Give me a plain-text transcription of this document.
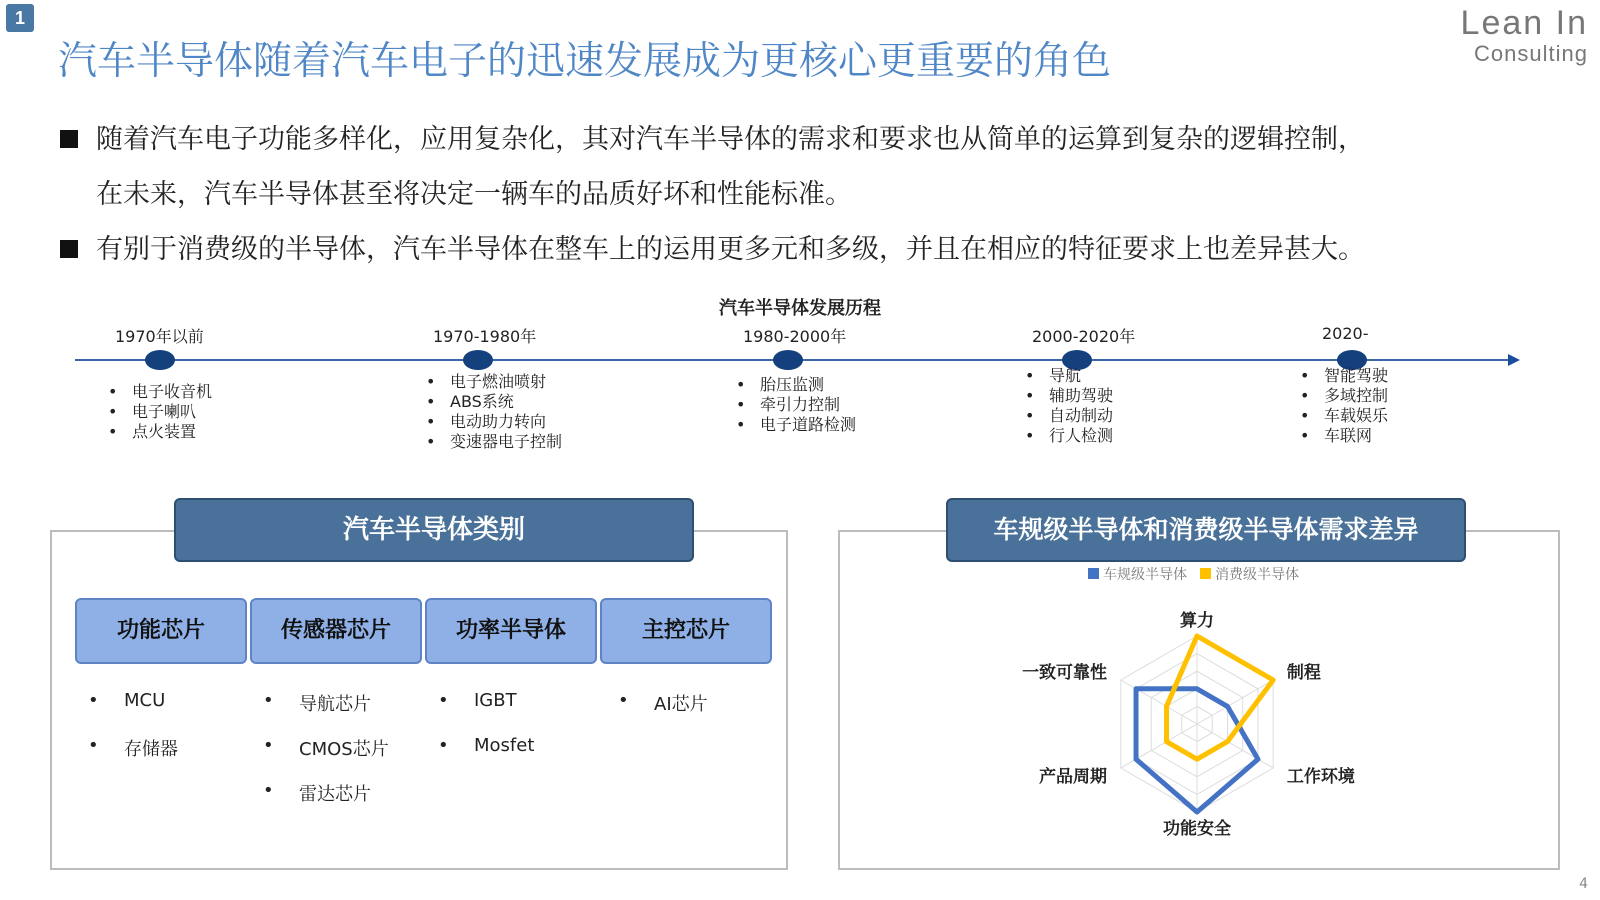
1
汽车半导体随着汽车电子的迅速发展成为更核心更重要的角色
Lean In
Consulting
随着汽车电子功能多样化，应用复杂化，其对汽车半导体的需求和要求也从简单的运算到复杂的逻辑控制，
在未来，汽车半导体甚至将决定一辆车的品质好坏和性能标准。
有别于消费级的半导体，汽车半导体在整车上的运用更多元和多级，并且在相应的特征要求上也差异甚大。
汽车半导体发展历程
1970年以前
• 电子收音机
• 电子喇叭
• 点火装置
1970-1980年
• 电子燃油喷射
• ABS系统
• 电动助力转向
• 变速器电子控制
1980-2000年
• 胎压监测
• 牵引力控制
• 电子道路检测
2000-2020年
• 导航
• 辅助驾驶
• 自动制动
• 行人检测
2020-
• 智能驾驶
• 多域控制
• 车载娱乐
• 车联网
汽车半导体类别
功能芯片	传感器芯片	功率半导体	主控芯片
• MCU
• 存储器
• 导航芯片
• CMOS芯片
• 雷达芯片
• IGBT
• Mosfet
• AI芯片
车规级半导体和消费级半导体需求差异
算力
制程
工作环境
功能安全
产品周期
一致可靠性
车规级半导体 消费级半导体
4
